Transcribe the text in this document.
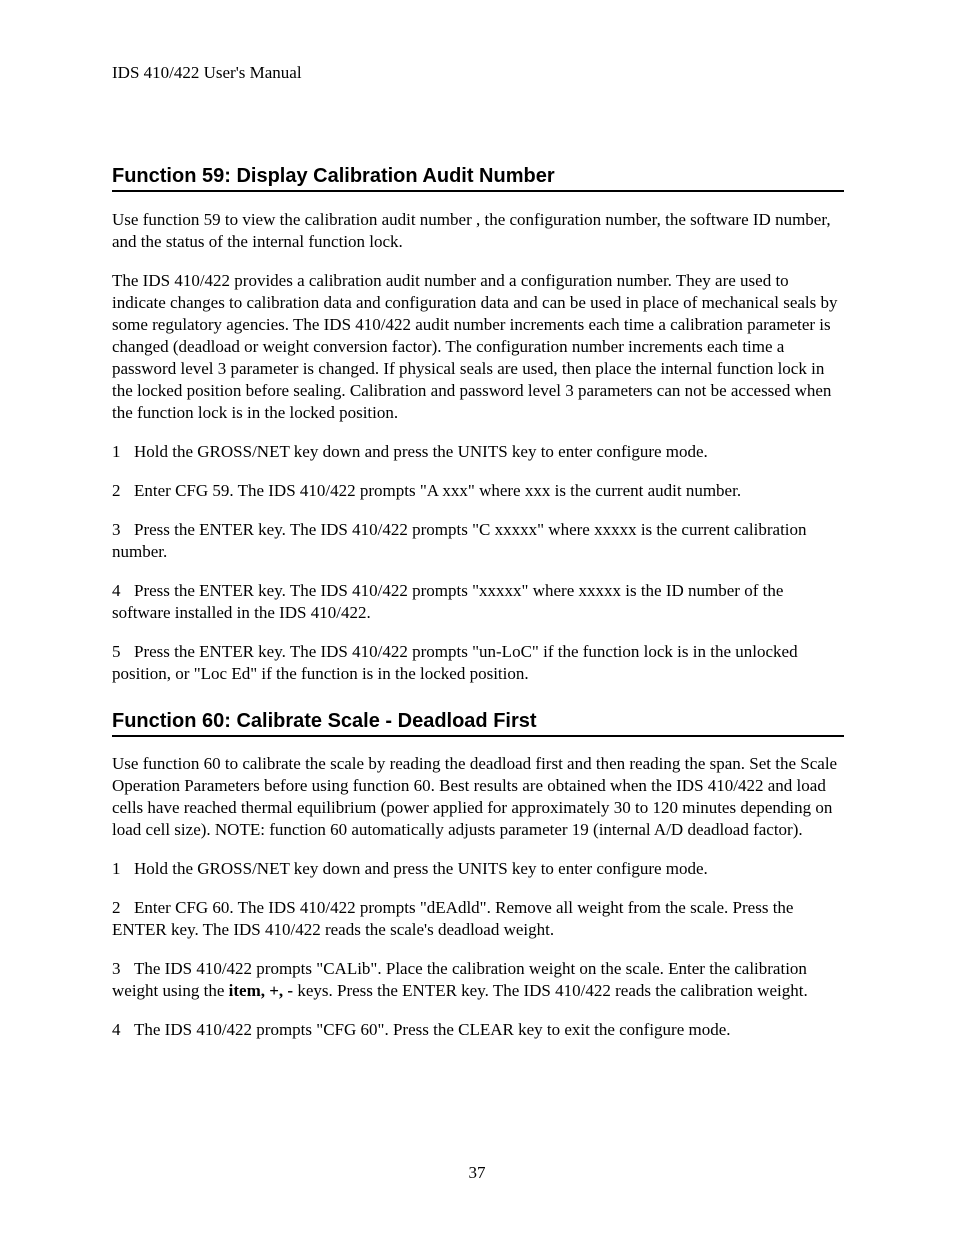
IDS 410/422 User's Manual
Function 59: Display Calibration Audit Number

Use function 59 to view the calibration audit number , the configuration number, the software ID number, and the status of the internal function lock.

The IDS 410/422 provides a calibration audit number and a configuration number. They are used to indicate changes to calibration data and configuration data and can be used in place of mechanical seals by some regulatory agencies. The IDS 410/422 audit number increments each time a calibration parameter is changed (deadload or weight conversion factor). The configuration number increments each time a password level 3 parameter is changed. If physical seals are used, then place the internal function lock in the locked position before sealing. Calibration and password level 3 parameters can not be accessed when the function lock is in the locked position.

1 Hold the GROSS/NET key down and press the UNITS key to enter configure mode.

2 Enter CFG 59. The IDS 410/422 prompts "A xxx" where xxx is the current audit number.

3 Press the ENTER key. The IDS 410/422 prompts "C xxxxx" where xxxxx is the current calibration number.

4 Press the ENTER key. The IDS 410/422 prompts "xxxxx" where xxxxx is the ID number of the software installed in the IDS 410/422.

5 Press the ENTER key. The IDS 410/422 prompts "un-LoC" if the function lock is in the unlocked position, or "Loc Ed" if the function is in the locked position.

Function 60: Calibrate Scale - Deadload First

Use function 60 to calibrate the scale by reading the deadload first and then reading the span. Set the Scale Operation Parameters before using function 60. Best results are obtained when the IDS 410/422 and load cells have reached thermal equilibrium (power applied for approximately 30 to 120 minutes depending on load cell size). NOTE: function 60 automatically adjusts parameter 19 (internal A/D deadload factor).

1 Hold the GROSS/NET key down and press the UNITS key to enter configure mode.

2 Enter CFG 60. The IDS 410/422 prompts "dEAdld". Remove all weight from the scale. Press the ENTER key. The IDS 410/422 reads the scale's deadload weight.

3 The IDS 410/422 prompts "CALib". Place the calibration weight on the scale. Enter the calibration weight using the item, +, - keys. Press the ENTER key. The IDS 410/422 reads the calibration weight.

4 The IDS 410/422 prompts "CFG 60". Press the CLEAR key to exit the configure mode.

37
